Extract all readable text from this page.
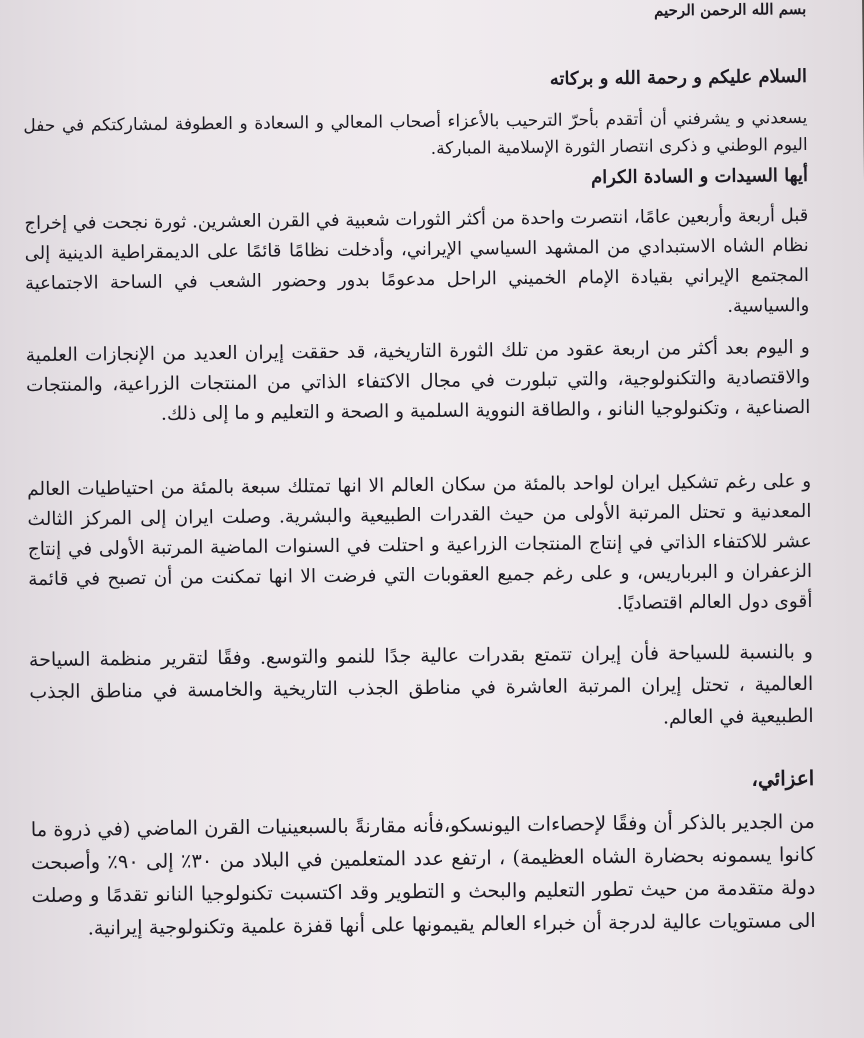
بسم الله الرحمن الرحيم
السلام عليكم و رحمة الله و بركاته

يسعدني و يشرفني أن أتقدم بأحرّ الترحيب بالأعزاء أصحاب المعالي و السعادة و العطوفة لمشاركتكم في حفل اليوم الوطني و ذكرى انتصار الثورة الإسلامية المباركة.

أيها السيدات و السادة الكرام

قبل أربعة وأربعين عامًا، انتصرت واحدة من أكثر الثورات شعبية في القرن العشرين. ثورة نجحت في إخراج نظام الشاه الاستبدادي من المشهد السياسي الإيراني، وأدخلت نظامًا قائمًا على الديمقراطية الدينية إلى المجتمع الإيراني بقيادة الإمام الخميني الراحل مدعومًا بدور وحضور الشعب في الساحة الاجتماعية والسياسية.

و اليوم بعد أكثر من اربعة عقود من تلك الثورة التاريخية، قد حققت إيران العديد من الإنجازات العلمية والاقتصادية والتكنولوجية، والتي تبلورت في مجال الاكتفاء الذاتي من المنتجات الزراعية، والمنتجات الصناعية ، وتكنولوجيا النانو ، والطاقة النووية السلمية و الصحة و التعليم و ما إلى ذلك.

و على رغم تشكيل ايران لواحد بالمئة من سكان العالم الا انها تمتلك سبعة بالمئة من احتياطيات العالم المعدنية و تحتل المرتبة الأولى من حيث القدرات الطبيعية والبشرية. وصلت ايران إلى المركز الثالث عشر للاكتفاء الذاتي في إنتاج المنتجات الزراعية و احتلت في السنوات الماضية المرتبة الأولى في إنتاج الزعفران و البرباريس، و على رغم جميع العقوبات التي فرضت الا انها تمكنت من أن تصبح في قائمة أقوى دول العالم اقتصاديًا.

و بالنسبة للسياحة فأن إيران تتمتع بقدرات عالية جدًا للنمو والتوسع. وفقًا لتقرير منظمة السياحة العالمية ، تحتل إيران المرتبة العاشرة في مناطق الجذب التاريخية والخامسة في مناطق الجذب الطبيعية في العالم.

اعزائي،

من الجدير بالذكر أن وفقًا لإحصاءات اليونسكو،فأنه مقارنةً بالسبعينيات القرن الماضي (في ذروة ما كانوا يسمونه بحضارة الشاه العظيمة) ، ارتفع عدد المتعلمين في البلاد من ٣٠٪ إلى ٩٠٪ وأصبحت دولة متقدمة من حيث تطور التعليم والبحث و التطوير وقد اكتسبت تكنولوجيا النانو تقدمًا و وصلت الى مستويات عالية لدرجة أن خبراء العالم يقيمونها على أنها قفزة علمية وتكنولوجية إيرانية.
